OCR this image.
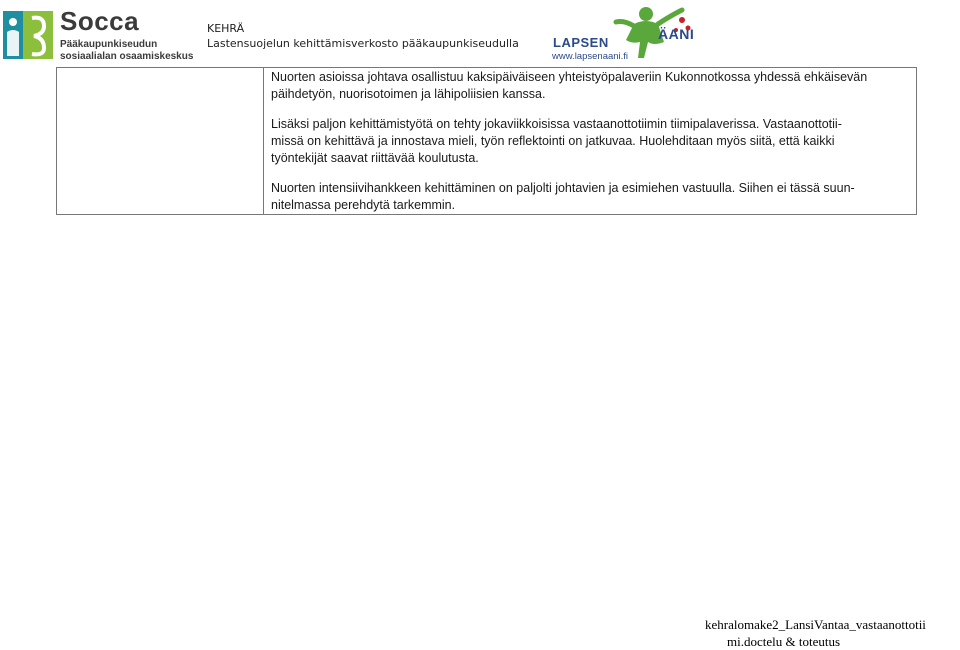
Socca
Pääkaupunkiseudun
sosiaalialan osaamiskeskus
KEHRÄ
Lastensuojelun kehittämisverkosto pääkaupunkiseudulla	LAPSEN
ÄANI
www.lapsenaani.fi

Nuorten asioissa johtava osallistuu kaksipäiväiseen yhteistyöpalaveriin Kukonnotkossa yhdessä ehkäisevän
päihdetyön, nuorisotoimen ja lähipoliisien kanssa.

Lisäksi paljon kehittämistyötä on tehty jokaviikkoisissa vastaanottotiimin tiimipalaverissa. Vastaanottotii-
missä on kehittävä ja innostava mieli, työn reflektointi on jatkuvaa. Huolehditaan myös siitä, että kaikki
työntekijät saavat riittävää koulutusta.

Nuorten intensiivihankkeen kehittäminen on paljolti johtavien ja esimiehen vastuulla. Siihen ei tässä suun-
nitelmassa perehdytä tarkemmin.

kehralomake2_LansiVantaa_vastaanottotii
mi.doctelu & toteutus
